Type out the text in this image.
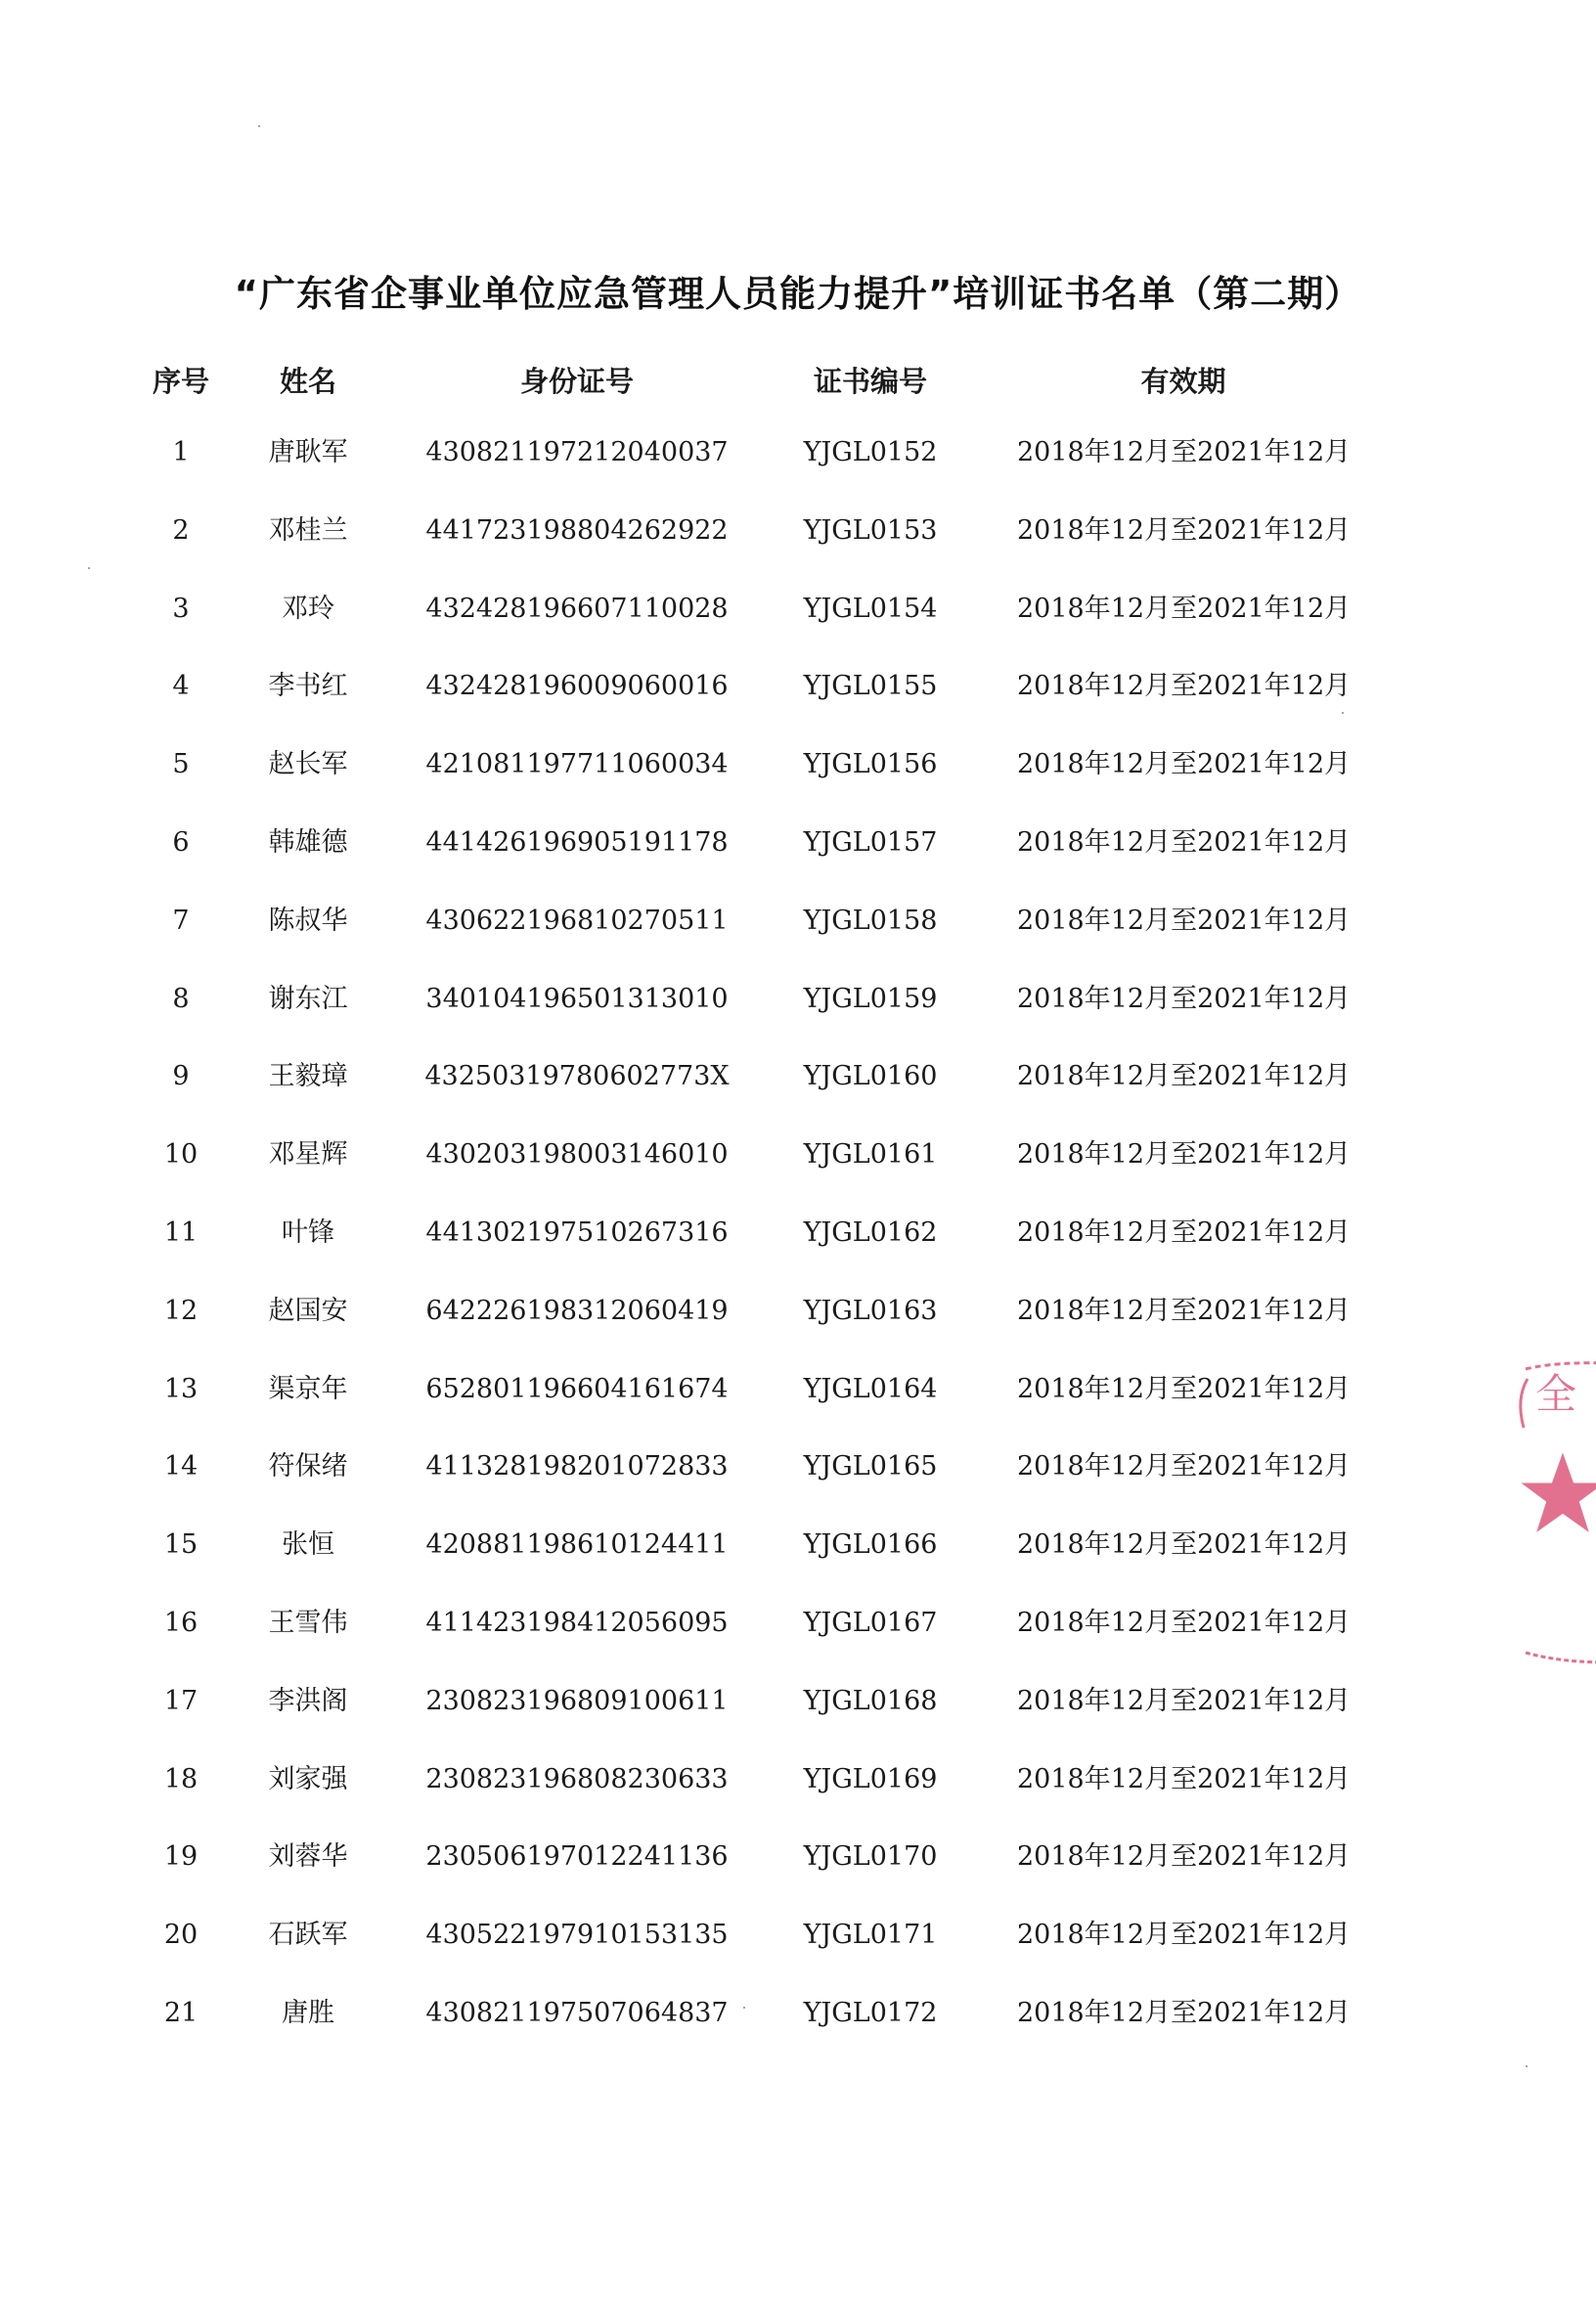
“广东省企事业单位应急管理人员能力提升”培训证书名单（第二期）
序号	姓名	身份证号	证书编号	有效期
1	唐耿军	430821197212040037	YJGL0152	2018年12月至2021年12月
2	邓桂兰	441723198804262922	YJGL0153	2018年12月至2021年12月
3	邓玲	432428196607110028	YJGL0154	2018年12月至2021年12月
4	李书红	432428196009060016	YJGL0155	2018年12月至2021年12月
5	赵长军	421081197711060034	YJGL0156	2018年12月至2021年12月
6	韩雄德	441426196905191178	YJGL0157	2018年12月至2021年12月
7	陈叔华	430622196810270511	YJGL0158	2018年12月至2021年12月
8	谢东江	340104196501313010	YJGL0159	2018年12月至2021年12月
9	王毅璋	43250319780602773X	YJGL0160	2018年12月至2021年12月
10	邓星辉	430203198003146010	YJGL0161	2018年12月至2021年12月
11	叶锋	441302197510267316	YJGL0162	2018年12月至2021年12月
12	赵国安	642226198312060419	YJGL0163	2018年12月至2021年12月
13	渠京年	652801196604161674	YJGL0164	2018年12月至2021年12月
14	符保绪	411328198201072833	YJGL0165	2018年12月至2021年12月
15	张恒	420881198610124411	YJGL0166	2018年12月至2021年12月
16	王雪伟	411423198412056095	YJGL0167	2018年12月至2021年12月
17	李洪阁	230823196809100611	YJGL0168	2018年12月至2021年12月
18	刘家强	230823196808230633	YJGL0169	2018年12月至2021年12月
19	刘蓉华	230506197012241136	YJGL0170	2018年12月至2021年12月
20	石跃军	430522197910153135	YJGL0171	2018年12月至2021年12月
21	唐胜	430821197507064837	YJGL0172	2018年12月至2021年12月
全
